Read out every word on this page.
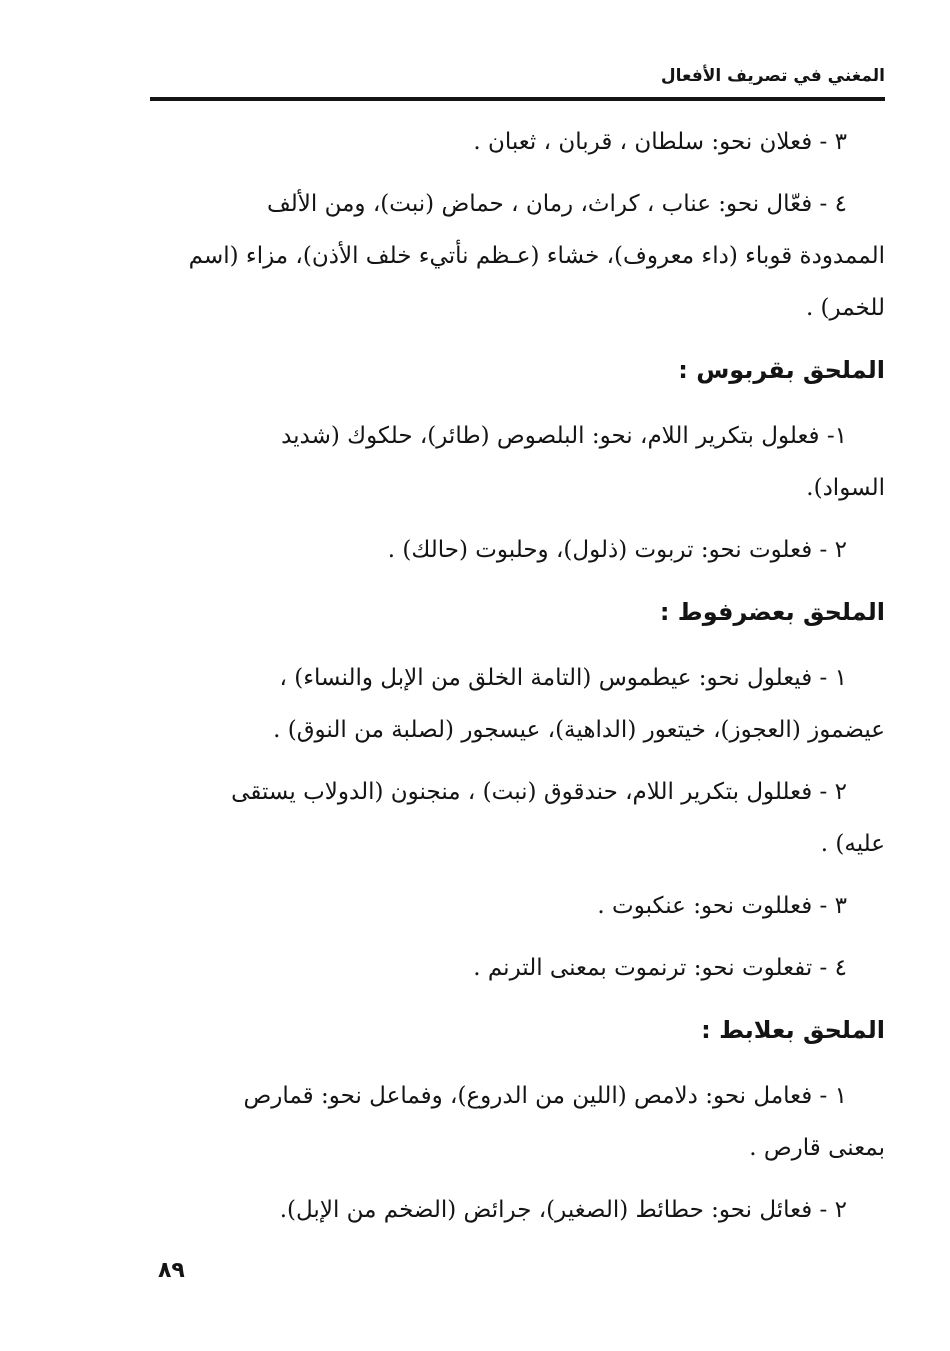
المغني في تصريف الأفعال

٣ - فعلان نحو: سلطان ، قربان ، ثعبان .

٤ - فعّال نحو: عناب ، كراث، رمان ، حماض (نبت)، ومن الألف

الممدودة قوباء (داء معروف)، خشاء (عـظم نأتيء خلف الأذن)، مزاء (اسم

للخمر) .

الملحق بقربوس :

١- فعلول بتكرير اللام، نحو: البلصوص (طائر)، حلكوك (شديد

السواد).

٢ - فعلوت نحو: تربوت (ذلول)، وحلبوت (حالك) .

الملحق بعضرفوط :

١ - فيعلول نحو: عيطموس (التامة الخلق من الإبل والنساء) ،

عيضموز (العجوز)، خيتعور (الداهية)، عيسجور (لصلبة من النوق) .

٢ - فعللول بتكرير اللام، حندقوق (نبت) ، منجنون (الدولاب يستقى

عليه) .

٣ - فعللوت نحو: عنكبوت .

٤ - تفعلوت نحو: ترنموت بمعنى الترنم .

الملحق بعلابط :

١ - فعامل نحو: دلامص (اللين من الدروع)، وفماعل نحو: قمارص

بمعنى قارص .

٢ - فعائل نحو: حطائط (الصغير)، جرائض (الضخم من الإبل).

٨٩
